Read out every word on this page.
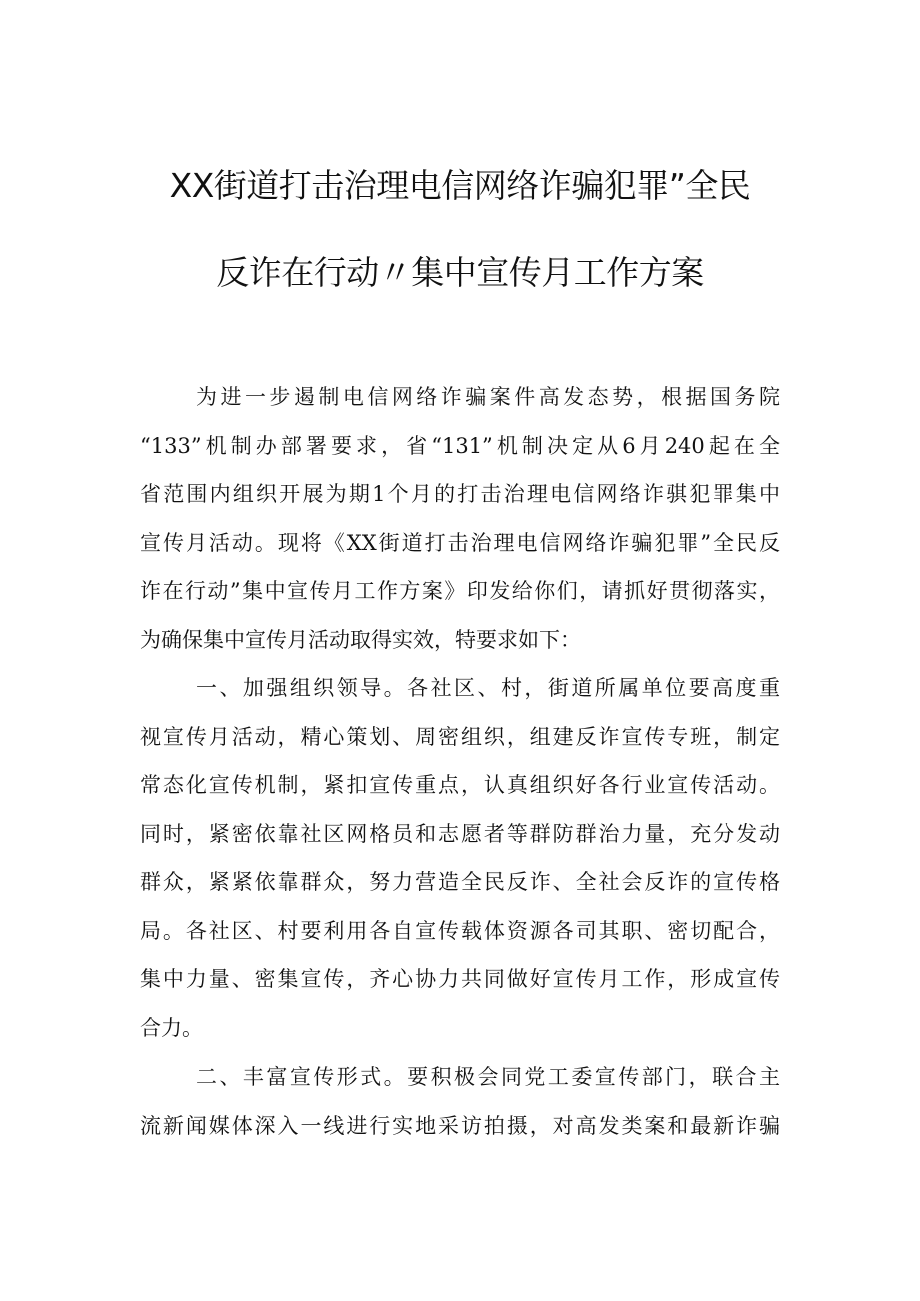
XX街道打击治理电信网络诈骗犯罪”全民
反诈在行动〃集中宣传月工作方案
为进一步遏制电信网络诈骗案件高发态势，根据国务院
“133”机制办部署要求，省“131”机制决定从6月240起在全
省范围内组织开展为期1个月的打击治理电信网络诈骐犯罪集中
宣传月活动。现将《XX街道打击治理电信网络诈骗犯罪”全民反
诈在行动”集中宣传月工作方案》印发给你们，请抓好贯彻落实，
为确保集中宣传月活动取得实效，特要求如下：
一、加强组织领导。各社区、村，街道所属单位要高度重
视宣传月活动，精心策划、周密组织，组建反诈宣传专班，制定
常态化宣传机制，紧扣宣传重点，认真组织好各行业宣传活动。
同时，紧密依靠社区网格员和志愿者等群防群治力量，充分发动
群众，紧紧依靠群众，努力营造全民反诈、全社会反诈的宣传格
局。各社区、村要利用各自宣传载体资源各司其职、密切配合，
集中力量、密集宣传，齐心协力共同做好宣传月工作，形成宣传
合力。
二、丰富宣传形式。要积极会同党工委宣传部门，联合主
流新闻媒体深入一线进行实地采访拍摄，对高发类案和最新诈骗
